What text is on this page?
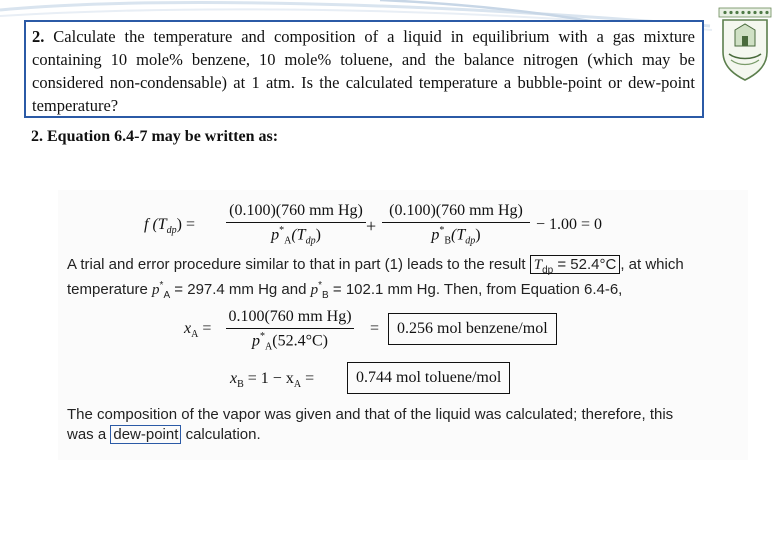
2. Calculate the temperature and composition of a liquid in equilibrium with a gas mixture containing 10 mole% benzene, 10 mole% toluene, and the balance nitrogen (which may be considered non-condensable) at 1 atm. Is the calculated temperature a bubble-point or dew-point temperature?
2. Equation 6.4-7 may be written as:
f $(T_{dp})$ =
(0.100)(760 mm Hg)
$p^*_A(T_{dp})$	+
(0.100)(760 mm Hg)
$p^*_B(T_{dp})$
− 1.00 = 0
A trial and error procedure similar to that in part (1) leads to the result $T_{dp} = 52.4^\circ C$ , at which
temperature $p^*_A = 297.4$ mm Hg and $p^*_B = 102.1$ mm Hg. Then, from Equation 6.4-6,
$x_A = \frac{\text{0.100(760 mm Hg)}}{p^*_A(52.4^\circ C)}$ =	0.256 mol benzene/mol
$x_B = 1 - x_A$ =	0.744 mol toluene/mol
The composition of the vapor was given and that of the liquid was calculated; therefore, this
was a dew-point calculation.
